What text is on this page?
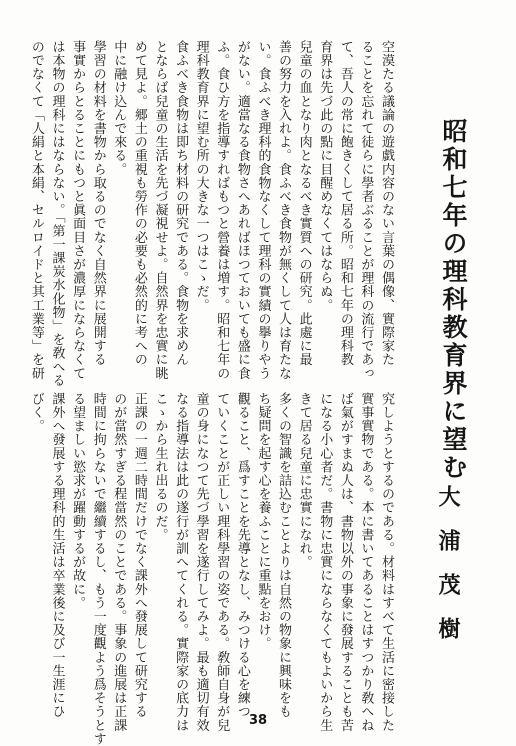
昭和七年の理科教育界に望む
大浦茂樹
空漠たる議論の遊戯内容のない言葉の偶像、實際家た
ることを忘れて徒らに學者ぶることが理科の流行であっ
て、吾人の常に飽きくして居る所。昭和七年の理科教
育界は先づ此の點に目醒めなくてはならぬ。
兒童の血となり肉となるべき實質への研究。此處に最
善の努力を入れよ。食ふべき食物が無くして人は育たな
い。食ふべき理科的食物なくして理科の實績の擧りやう
がない。適當なる食物さへあればほつておいても盛に食
ふ。食ひ方を指導すればもつと營養は増す。昭和七年の
理科教育界に望む所の大きな一つはこゝだ。
食ふべき食物は即ち材料の研究である。食物を求めん
とならば兒童の生活を先づ凝視せよ。自然界を忠實に眺
めて見よ。郷土の重視も勞作の必要も必然的に考への
中に融け込んで來る。
學習の材料を書物から取るのでなく自然界に展開する
事實からとることにもつと眞面目さが濃厚にならなくて
は本物の理科にはならない。「第一課炭水化物」を敎へる
のでなくて「人絹と本絹、セルロイドと其工業等」を研
究しようとするのである。材料はすべて生活に密接した
實事實物である。本に書いてあることはすつかり敎へね
ば氣がすまぬ人は、書物以外の事象に發展することも苦
になる小心者だ。書物に忠實にならなくてもよいから生
きて居る兒童に忠實になれ。
多くの智識を詰込むことよりは自然の物象に興味をも
ち疑問を起す心を養ふことに重點をおけ。
觀ること、爲すことを先導となし、みつける心を練つ
ていくことが正しい理科學習の姿である。敎師自身が兒
童の身になつて先づ學習を遂行してみよ。最も適切有效
なる指導法は此の遂行が訓へてくれる。實際家の底力は
こゝから生れ出るのだ。
正課の一週二時間だけでなく課外へ發展して研究する
のが當然すぎる程當然のことである。事象の進展は正課
時間に拘らないで繼續するし、もう一度觀よう爲そうとす
る望ましい慾求が躍動するが故に。
課外へ發展する理科的生活は卒業後に及び一生涯にひ
びく。
38
